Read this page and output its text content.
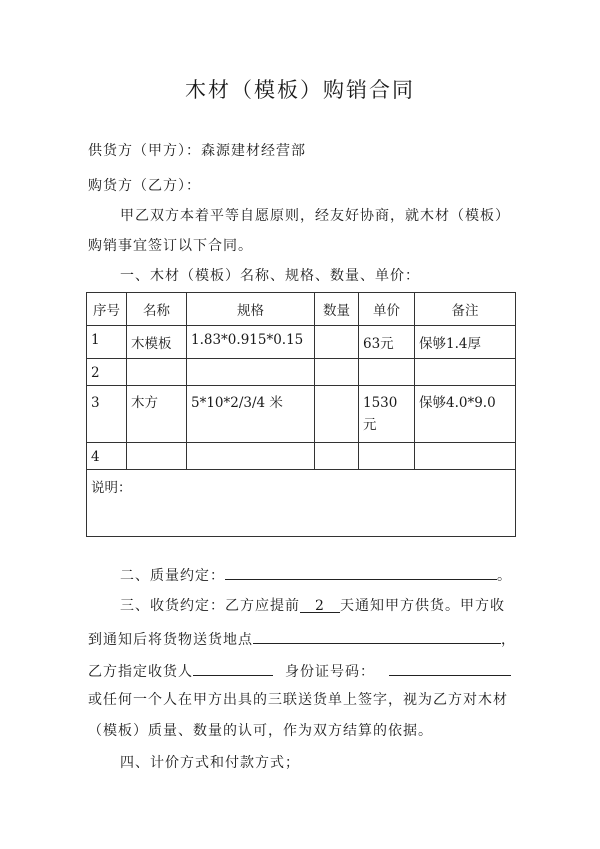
木材（模板）购销合同
供货方（甲方）：森源建材经营部
购货方（乙方）：
甲乙双方本着平等自愿原则，经友好协商，就木材（模板）
购销事宜签订以下合同。
一、木材（模板）名称、规格、数量、单价：
序号	名称	规格	数量	单价	备注
1	木模板	1.83*0.915*0.15		63元	保够1.4厚
2					
3	木方	5*10*2/3/4 米		1530元	保够4.0*9.0
4					
说明：					
二、质量约定：	。
三、收货约定：乙方应提前 2 天通知甲方供货。甲方收
到通知后将货物送货地点	，
乙方指定收货人	身份证号码：
或任何一个人在甲方出具的三联送货单上签字，视为乙方对木材
（模板）质量、数量的认可，作为双方结算的依据。
四、计价方式和付款方式；
